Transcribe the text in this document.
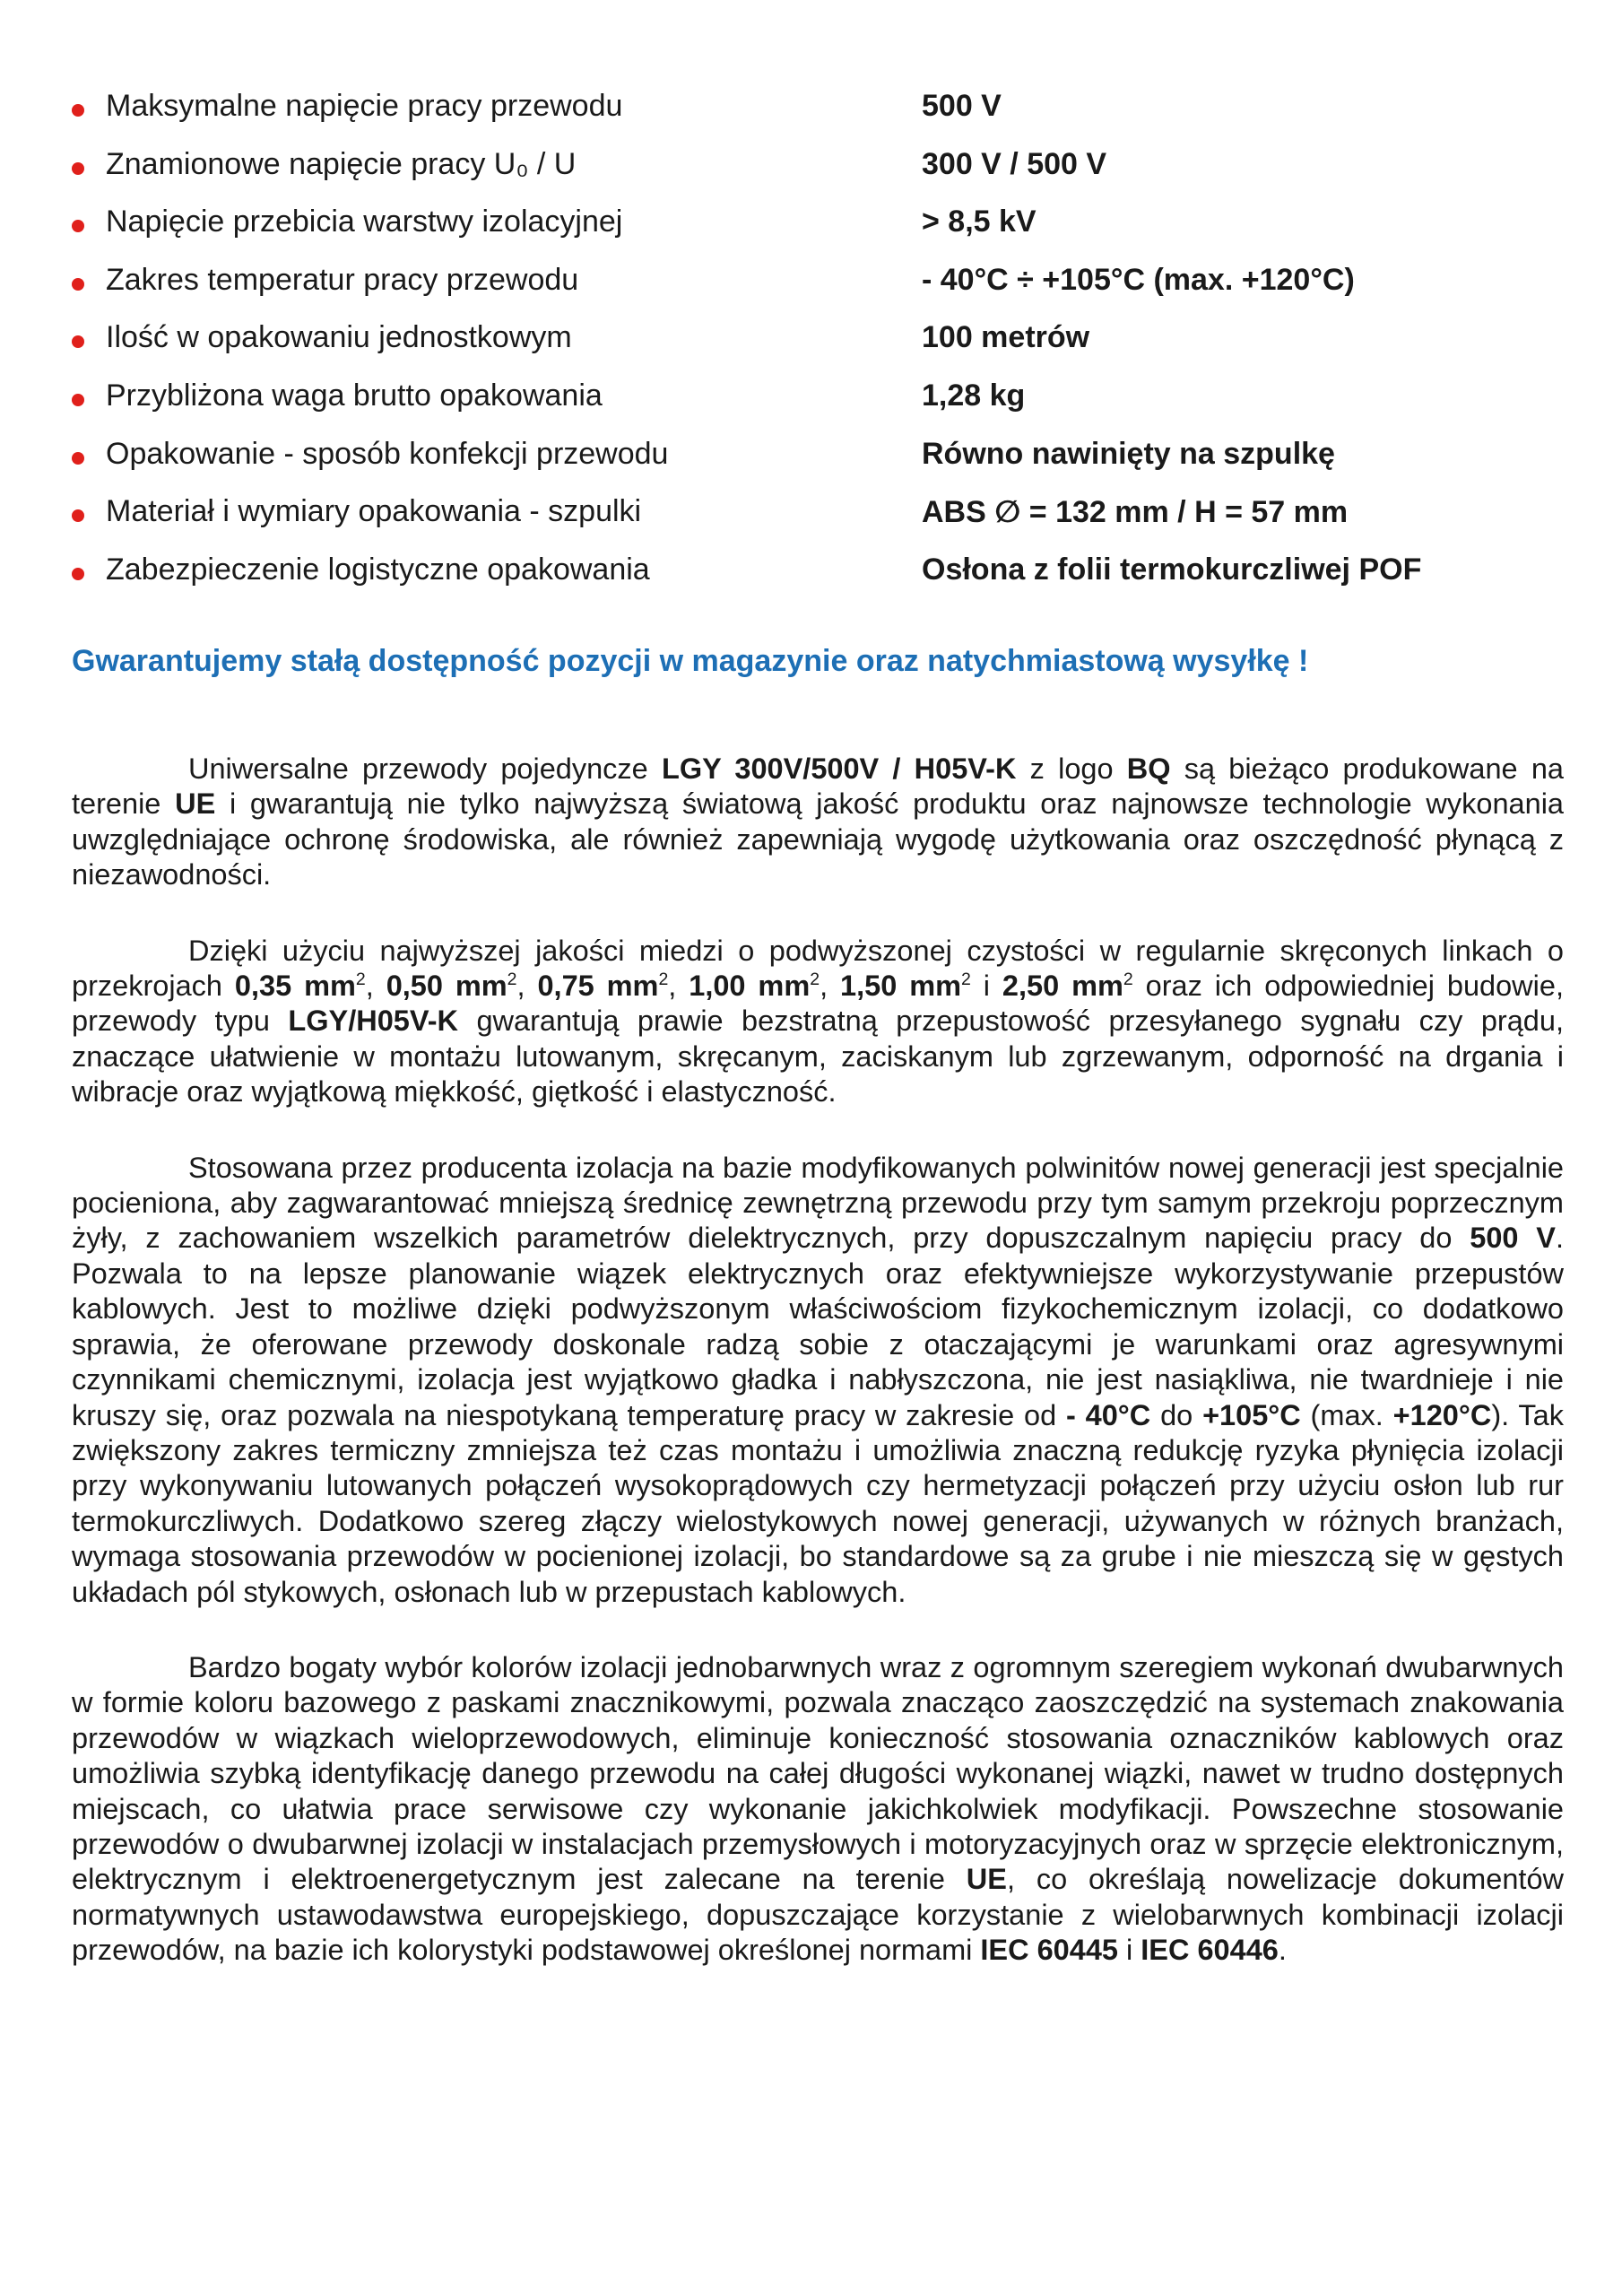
Maksymalne napięcie pracy przewodu	500 V
Znamionowe napięcie pracy U₀ / U	300 V / 500 V
Napięcie przebicia warstwy izolacyjnej	> 8,5 kV
Zakres temperatur pracy przewodu	- 40°C ÷ +105°C (max. +120°C)
Ilość w opakowaniu jednostkowym	100 metrów
Przybliżona waga brutto opakowania	1,28 kg
Opakowanie - sposób konfekcji przewodu	Równo nawinięty na szpulkę
Materiał i wymiary opakowania - szpulki	ABS ∅ = 132 mm / H = 57 mm
Zabezpieczenie logistyczne opakowania	Osłona z folii termokurczliwej POF
Gwarantujemy stałą dostępność pozycji w magazynie oraz natychmiastową wysyłkę !

Uniwersalne przewody pojedyncze LGY 300V/500V / H05V-K z logo BQ są bieżąco produkowane na terenie UE i gwarantują nie tylko najwyższą światową jakość produktu oraz najnowsze technologie wykonania uwzględniające ochronę środowiska, ale również zapewniają wygodę użytkowania oraz oszczędność płynącą z niezawodności.

Dzięki użyciu najwyższej jakości miedzi o podwyższonej czystości w regularnie skręconych linkach o przekrojach 0,35 $mm^2$, 0,50 $mm^2$, 0,75 $mm^2$, 1,00 $mm^2$, 1,50 $mm^2$ i 2,50 $mm^2$ oraz ich odpowiedniej budowie, przewody typu LGY/H05V-K gwarantują prawie bezstratną przepustowość przesyłanego sygnału czy prądu, znaczące ułatwienie w montażu lutowanym, skręcanym, zaciskanym lub zgrzewanym, odporność na drgania i wibracje oraz wyjątkową miękkość, giętkość i elastyczność.

Stosowana przez producenta izolacja na bazie modyfikowanych polwinitów nowej generacji jest specjalnie pocieniona, aby zagwarantować mniejszą średnicę zewnętrzną przewodu przy tym samym przekroju poprzecznym żyły, z zachowaniem wszelkich parametrów dielektrycznych, przy dopuszczalnym napięciu pracy do 500 V. Pozwala to na lepsze planowanie wiązek elektrycznych oraz efektywniejsze wykorzystywanie przepustów kablowych. Jest to możliwe dzięki podwyższonym właściwościom fizykochemicznym izolacji, co dodatkowo sprawia, że oferowane przewody doskonale radzą sobie z otaczającymi je warunkami oraz agresywnymi czynnikami chemicznymi, izolacja jest wyjątkowo gładka i nabłyszczona, nie jest nasiąkliwa, nie twardnieje i nie kruszy się, oraz pozwala na niespotykaną temperaturę pracy w zakresie od - 40°C do +105°C (max. +120°C). Tak zwiększony zakres termiczny zmniejsza też czas montażu i umożliwia znaczną redukcję ryzyka płynięcia izolacji przy wykonywaniu lutowanych połączeń wysokoprądowych czy hermetyzacji połączeń przy użyciu osłon lub rur termokurczliwych. Dodatkowo szereg złączy wielostykowych nowej generacji, używanych w różnych branżach, wymaga stosowania przewodów w pocienionej izolacji, bo standardowe są za grube i nie mieszczą się w gęstych układach pól stykowych, osłonach lub w przepustach kablowych.

Bardzo bogaty wybór kolorów izolacji jednobarwnych wraz z ogromnym szeregiem wykonań dwubarwnych w formie koloru bazowego z paskami znacznikowymi, pozwala znacząco zaoszczędzić na systemach znakowania przewodów w wiązkach wieloprzewodowych, eliminuje konieczność stosowania oznaczników kablowych oraz umożliwia szybką identyfikację danego przewodu na całej długości wykonanej wiązki, nawet w trudno dostępnych miejscach, co ułatwia prace serwisowe czy wykonanie jakichkolwiek modyfikacji. Powszechne stosowanie przewodów o dwubarwnej izolacji w instalacjach przemysłowych i motoryzacyjnych oraz w sprzęcie elektronicznym, elektrycznym i elektroenergetycznym jest zalecane na terenie UE, co określają nowelizacje dokumentów normatywnych ustawodawstwa europejskiego, dopuszczające korzystanie z wielobarwnych kombinacji izolacji przewodów, na bazie ich kolorystyki podstawowej określonej normami IEC 60445 i IEC 60446.
